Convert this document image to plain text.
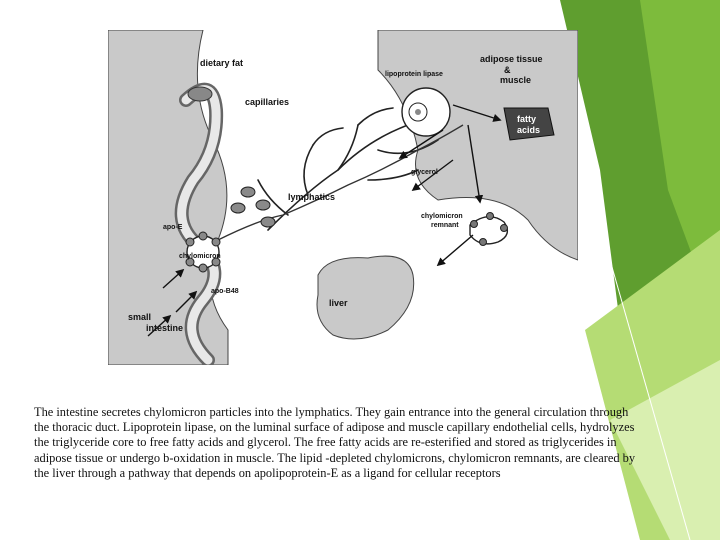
dietary fat
capillaries
lipoprotein lipase
adipose tissue
&
muscle
fatty
acids
glycerol
lymphatics
chylomicron
remnant
apo-E
chylomicron
apo-B48
small
intestine
liver
The intestine secretes chylomicron particles into the lymphatics. They gain entrance into the general circulation through the thoracic duct. Lipoprotein lipase, on the luminal surface of adipose and muscle capillary endothelial cells, hydrolyzes the triglyceride core to free fatty acids and glycerol. The free fatty acids are re-esterified and stored as triglycerides in adipose tissue or undergo b-oxidation in muscle. The lipid -depleted chylomicrons, chylomicron remnants, are cleared by the liver through a pathway that depends on apolipoprotein-E as a ligand for cellular receptors
